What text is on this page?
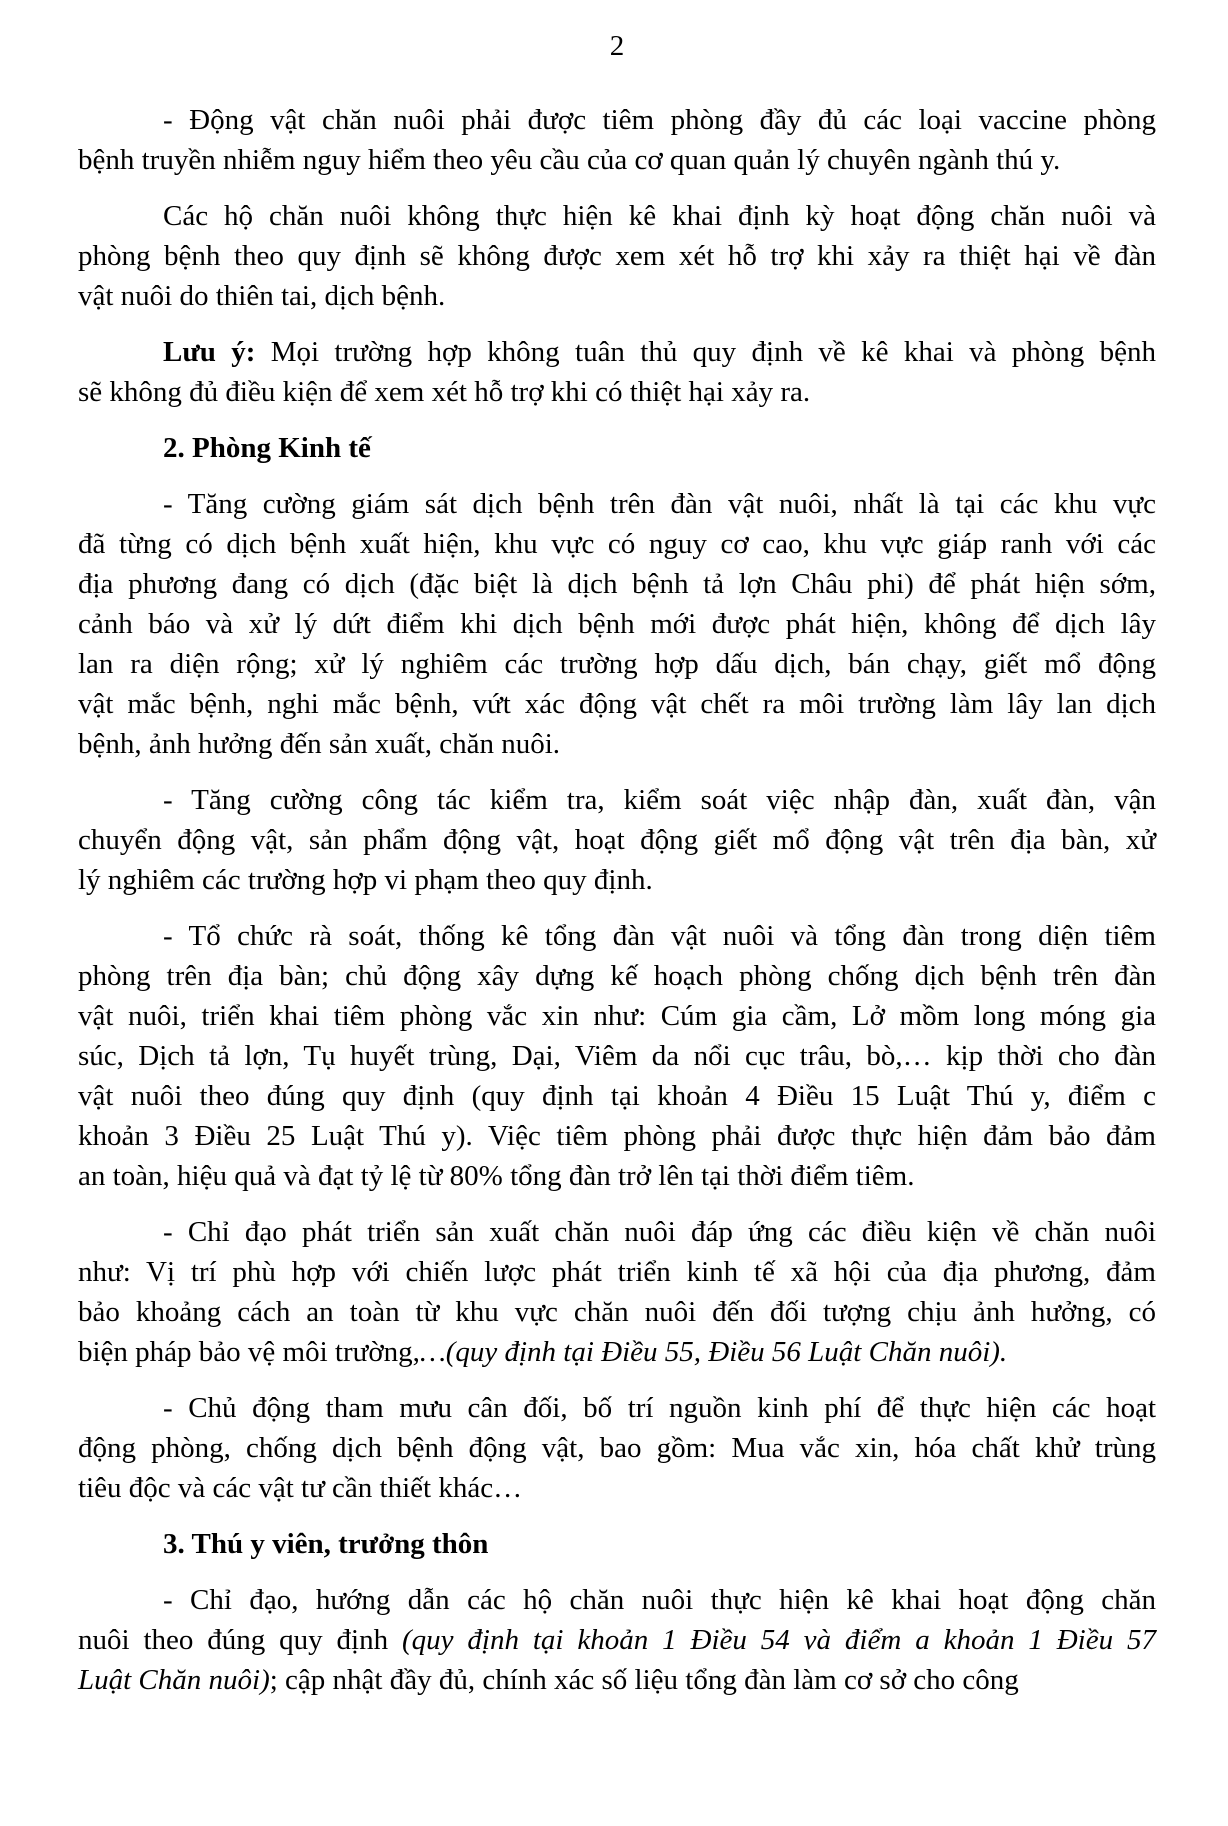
2
- Động vật chăn nuôi phải được tiêm phòng đầy đủ các loại vaccine phòng
bệnh truyền nhiễm nguy hiểm theo yêu cầu của cơ quan quản lý chuyên ngành thú y.
Các hộ chăn nuôi không thực hiện kê khai định kỳ hoạt động chăn nuôi và
phòng bệnh theo quy định sẽ không được xem xét hỗ trợ khi xảy ra thiệt hại về đàn
vật nuôi do thiên tai, dịch bệnh.
Lưu ý: Mọi trường hợp không tuân thủ quy định về kê khai và phòng bệnh
sẽ không đủ điều kiện để xem xét hỗ trợ khi có thiệt hại xảy ra.
2. Phòng Kinh tế
- Tăng cường giám sát dịch bệnh trên đàn vật nuôi, nhất là tại các khu vực
đã từng có dịch bệnh xuất hiện, khu vực có nguy cơ cao, khu vực giáp ranh với các
địa phương đang có dịch (đặc biệt là dịch bệnh tả lợn Châu phi) để phát hiện sớm,
cảnh báo và xử lý dứt điểm khi dịch bệnh mới được phát hiện, không để dịch lây
lan ra diện rộng; xử lý nghiêm các trường hợp dấu dịch, bán chạy, giết mổ động
vật mắc bệnh, nghi mắc bệnh, vứt xác động vật chết ra môi trường làm lây lan dịch
bệnh, ảnh hưởng đến sản xuất, chăn nuôi.
- Tăng cường công tác kiểm tra, kiểm soát việc nhập đàn, xuất đàn, vận
chuyển động vật, sản phẩm động vật, hoạt động giết mổ động vật trên địa bàn, xử
lý nghiêm các trường hợp vi phạm theo quy định.
- Tổ chức rà soát, thống kê tổng đàn vật nuôi và tổng đàn trong diện tiêm
phòng trên địa bàn; chủ động xây dựng kế hoạch phòng chống dịch bệnh trên đàn
vật nuôi, triển khai tiêm phòng vắc xin như: Cúm gia cầm, Lở mồm long móng gia
súc, Dịch tả lợn, Tụ huyết trùng, Dại, Viêm da nổi cục trâu, bò,… kịp thời cho đàn
vật nuôi theo đúng quy định (quy định tại khoản 4 Điều 15 Luật Thú y, điểm c
khoản 3 Điều 25 Luật Thú y). Việc tiêm phòng phải được thực hiện đảm bảo đảm
an toàn, hiệu quả và đạt tỷ lệ từ 80% tổng đàn trở lên tại thời điểm tiêm.
- Chỉ đạo phát triển sản xuất chăn nuôi đáp ứng các điều kiện về chăn nuôi
như: Vị trí phù hợp với chiến lược phát triển kinh tế xã hội của địa phương, đảm
bảo khoảng cách an toàn từ khu vực chăn nuôi đến đối tượng chịu ảnh hưởng, có
biện pháp bảo vệ môi trường,…(quy định tại Điều 55, Điều 56 Luật Chăn nuôi).
- Chủ động tham mưu cân đối, bố trí nguồn kinh phí để thực hiện các hoạt
động phòng, chống dịch bệnh động vật, bao gồm: Mua vắc xin, hóa chất khử trùng
tiêu độc và các vật tư cần thiết khác…
3. Thú y viên, trưởng thôn
- Chỉ đạo, hướng dẫn các hộ chăn nuôi thực hiện kê khai hoạt động chăn
nuôi theo đúng quy định (quy định tại khoản 1 Điều 54 và điểm a khoản 1 Điều 57
Luật Chăn nuôi); cập nhật đầy đủ, chính xác số liệu tổng đàn làm cơ sở cho công
